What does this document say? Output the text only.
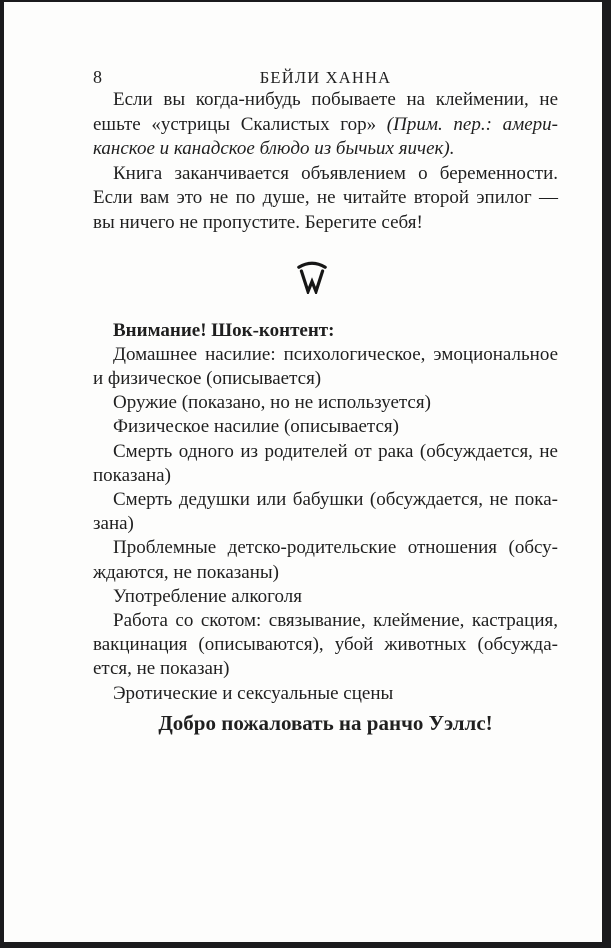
8	БЕЙЛИ ХАННА

Если вы когда-нибудь побываете на клеймении, не ешьте «устрицы Скалистых гор» (Прим. пер.: американское и канадское блюдо из бычьих яичек).

Книга заканчивается объявлением о беременности. Если вам это не по душе, не читайте второй эпилог — вы ничего не пропустите. Берегите себя!

Внимание! Шок-контент:

Домашнее насилие: психологическое, эмоциональное и физическое (описывается)

Оружие (показано, но не используется)

Физическое насилие (описывается)

Смерть одного из родителей от рака (обсуждается, не показана)

Смерть дедушки или бабушки (обсуждается, не показана)

Проблемные детско-родительские отношения (обсуждаются, не показаны)

Употребление алкоголя

Работа со скотом: связывание, клеймение, кастрация, вакцинация (описываются), убой животных (обсуждается, не показан)

Эротические и сексуальные сцены

Добро пожаловать на ранчо Уэллс!
